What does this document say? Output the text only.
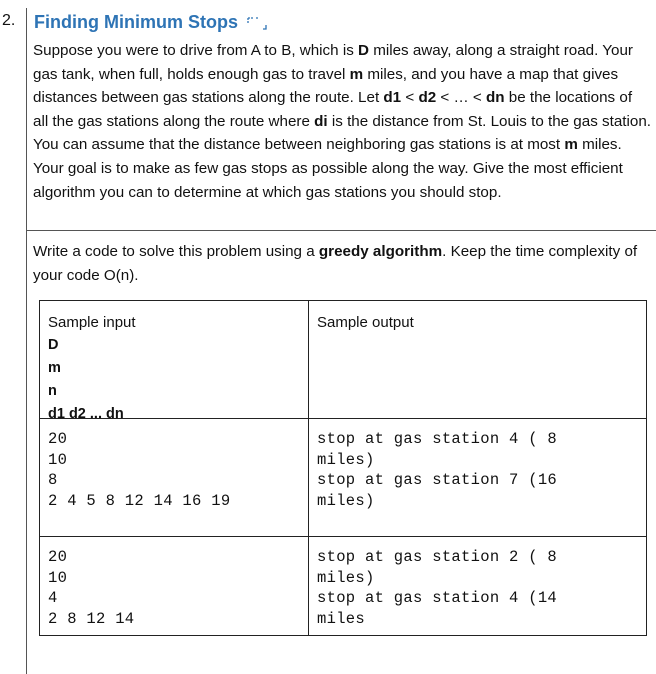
2. Finding Minimum Stops
Suppose you were to drive from A to B, which is D miles away, along a straight road. Your gas tank, when full, holds enough gas to travel m miles, and you have a map that gives distances between gas stations along the route. Let d1 < d2 < … < dn be the locations of all the gas stations along the route where di is the distance from St. Louis to the gas station. You can assume that the distance between neighboring gas stations is at most m miles. Your goal is to make as few gas stops as possible along the way. Give the most efficient algorithm you can to determine at which gas stations you should stop.
Write a code to solve this problem using a greedy algorithm. Keep the time complexity of your code O(n).
Sample input
D
m
n
d1 d2 ... dn	Sample output

20
10
8
2 4 5 8 12 14 16 19	stop at gas station 4 ( 8
miles)
stop at gas station 7 (16
miles)

20
10
4
2 8 12 14	stop at gas station 2 ( 8
miles)
stop at gas station 4 (14
miles
